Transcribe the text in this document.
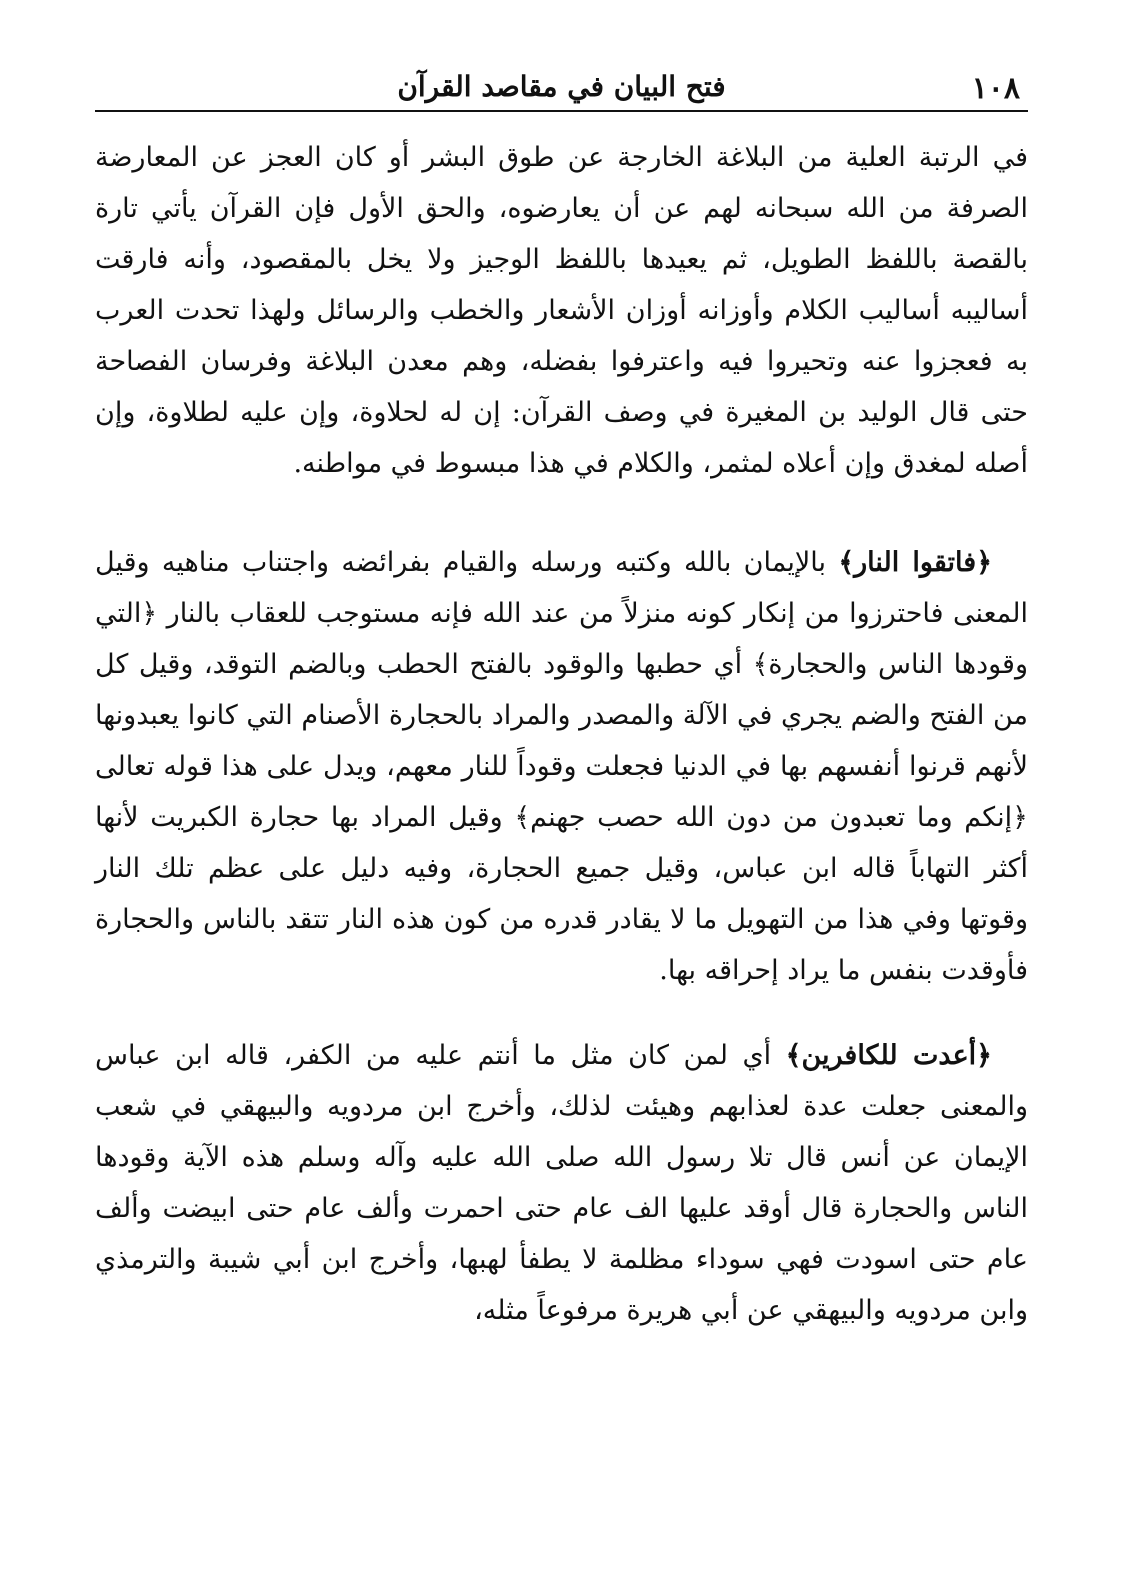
١٠٨
فتح البيان في مقاصد القرآن

في الرتبة العلية من البلاغة الخارجة عن طوق البشر أو كان العجز عن المعارضة الصرفة من الله سبحانه لهم عن أن يعارضوه، والحق الأول فإن القرآن يأتي تارة بالقصة باللفظ الطويل، ثم يعيدها باللفظ الوجيز ولا يخل بالمقصود، وأنه فارقت أساليبه أساليب الكلام وأوزانه أوزان الأشعار والخطب والرسائل ولهذا تحدت العرب به فعجزوا عنه وتحيروا فيه واعترفوا بفضله، وهم معدن البلاغة وفرسان الفصاحة حتى قال الوليد بن المغيرة في وصف القرآن: إن له لحلاوة، وإن عليه لطلاوة، وإن أصله لمغدق وإن أعلاه لمثمر، والكلام في هذا مبسوط في مواطنه.

﴿فاتقوا النار﴾ بالإيمان بالله وكتبه ورسله والقيام بفرائضه واجتناب مناهيه وقيل المعنى فاحترزوا من إنكار كونه منزلاً من عند الله فإنه مستوجب للعقاب بالنار ﴿التي وقودها الناس والحجارة﴾ أي حطبها والوقود بالفتح الحطب وبالضم التوقد، وقيل كل من الفتح والضم يجري في الآلة والمصدر والمراد بالحجارة الأصنام التي كانوا يعبدونها لأنهم قرنوا أنفسهم بها في الدنيا فجعلت وقوداً للنار معهم، ويدل على هذا قوله تعالى ﴿إنكم وما تعبدون من دون الله حصب جهنم﴾ وقيل المراد بها حجارة الكبريت لأنها أكثر التهاباً قاله ابن عباس، وقيل جميع الحجارة، وفيه دليل على عظم تلك النار وقوتها وفي هذا من التهويل ما لا يقادر قدره من كون هذه النار تتقد بالناس والحجارة فأوقدت بنفس ما يراد إحراقه بها.

﴿أعدت للكافرين﴾ أي لمن كان مثل ما أنتم عليه من الكفر، قاله ابن عباس والمعنى جعلت عدة لعذابهم وهيئت لذلك، وأخرج ابن مردويه والبيهقي في شعب الإيمان عن أنس قال تلا رسول الله صلى الله عليه وآله وسلم هذه الآية وقودها الناس والحجارة قال أوقد عليها الف عام حتى احمرت وألف عام حتى ابيضت وألف عام حتى اسودت فهي سوداء مظلمة لا يطفأ لهبها، وأخرج ابن أبي شيبة والترمذي وابن مردويه والبيهقي عن أبي هريرة مرفوعاً مثله،
